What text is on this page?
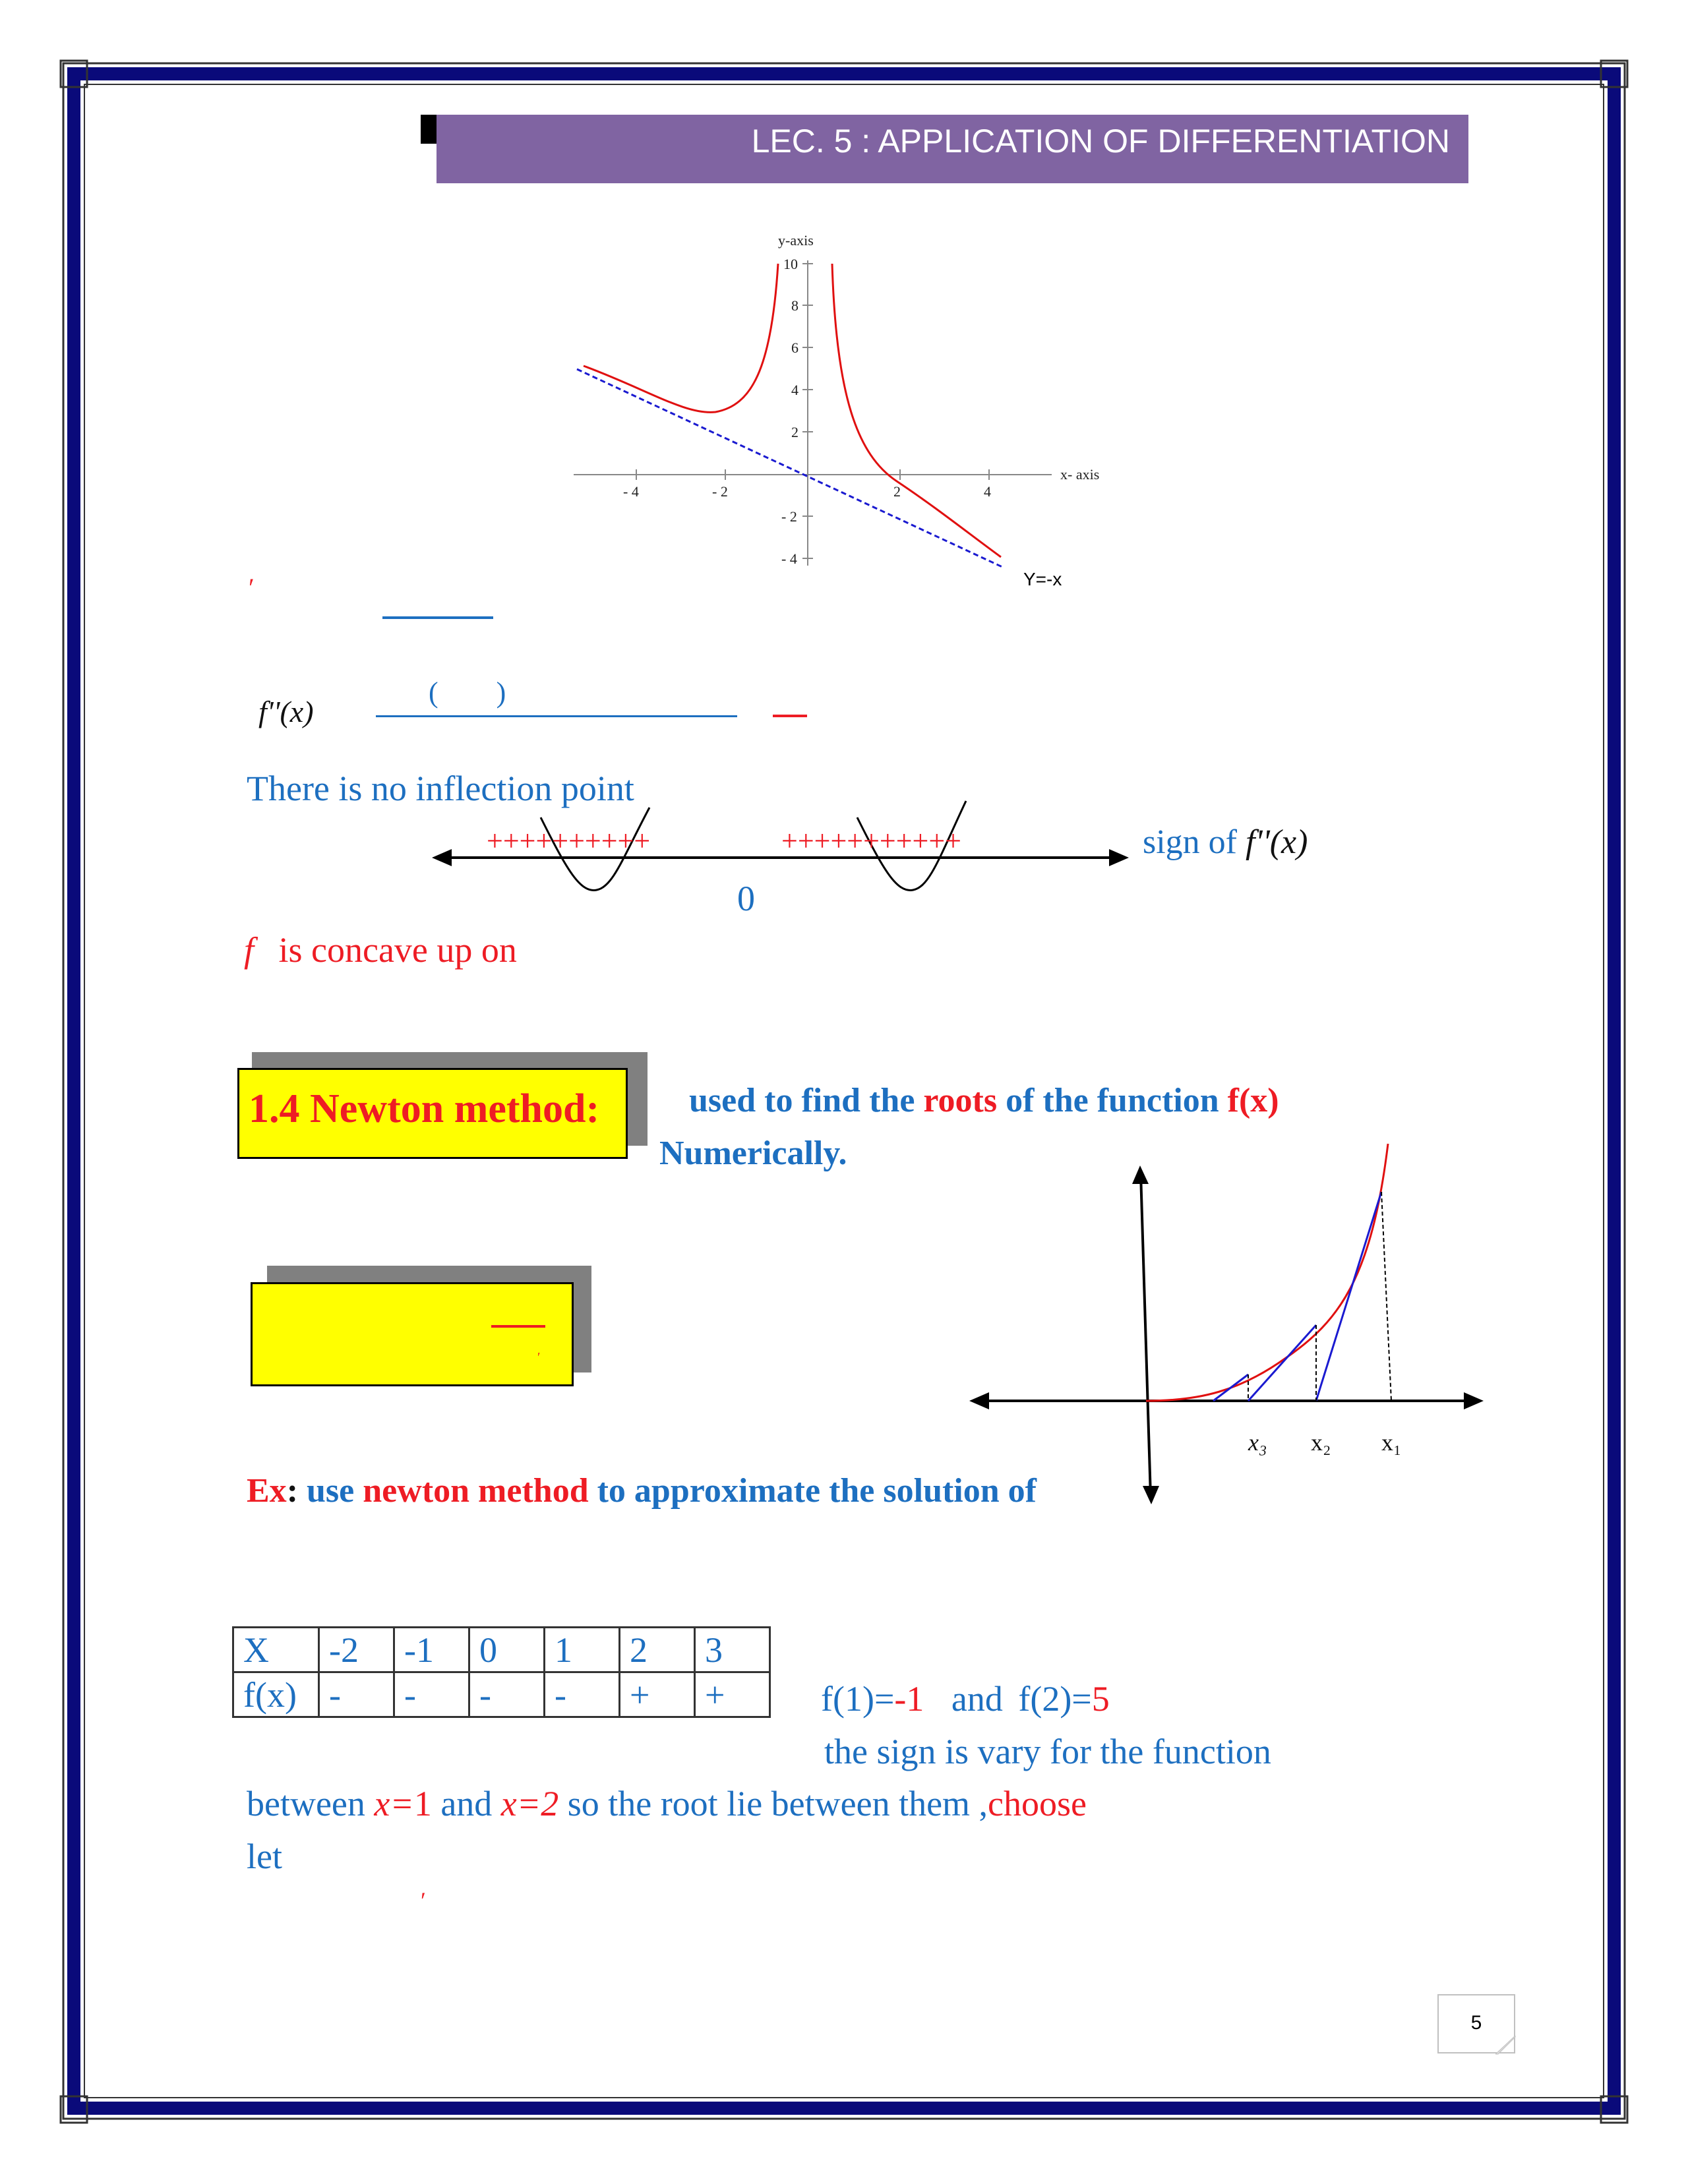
LEC. 5 : APPLICATION OF DIFFERENTIATION
y-axis
x- axis
10
8
6
4
2
- 2
- 4
- 4	- 2	2	4
Y=-x
′
f''(x)
(        )
There is no inflection point
++++++++++	+++++++++++
0
sign of f''(x)
f is concave up on
1.4 Newton method:	used to find the roots of the function f(x)
Numerically.
′
x₃ x₂ x₁
Ex: use newton method to approximate the solution of
X	-2	-1	0	1	2	3
f(x)	-	-	-	-	+	+	f(1)=-1 and f(2)=5
the sign is vary for the function
between x=1 and x=2 so the root lie between them ,choose
let
′
5
